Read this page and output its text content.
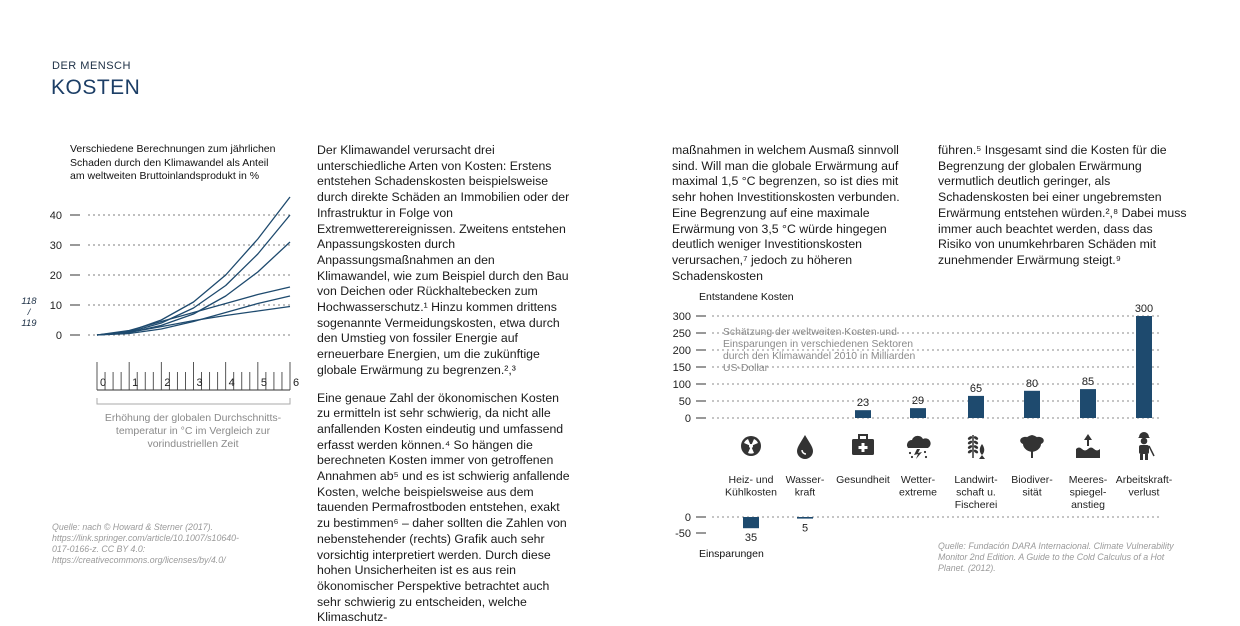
DER MENSCH
KOSTEN
118
/
119
Verschiedene Berechnungen zum jährlichen Schaden durch den Klimawandel als Anteil am weltweiten Bruttoinlandsprodukt in %
0
10
20
30
40
0 1 2 3 4 5 6
Erhöhung der globalen Durchschnitts-temperatur in °C im Vergleich zur vorindustriellen Zeit
Quelle: nach © Howard & Sterner (2017). https://link.springer.com/article/10.1007/s10640-017-0166-z. CC BY 4.0: https://creativecommons.org/licenses/by/4.0/

Der Klimawandel verursacht drei unterschiedliche Arten von Kosten: Erstens entstehen Schadenskosten beispielsweise durch direkte Schäden an Immobilien oder der Infrastruktur in Folge von Extremwetterereignissen. Zweitens entstehen Anpassungskosten durch Anpassungsmaßnahmen an den Klimawandel, wie zum Beispiel durch den Bau von Deichen oder Rückhaltebecken zum Hochwasserschutz.¹ Hinzu kommen drittens sogenannte Vermeidungskosten, etwa durch den Umstieg von fossiler Energie auf erneuerbare Energien, um die zukünftige globale Erwärmung zu begrenzen.²,³

Eine genaue Zahl der ökonomischen Kosten zu ermitteln ist sehr schwierig, da nicht alle anfallenden Kosten eindeutig und umfassend erfasst werden können.⁴ So hängen die berechneten Kosten immer von getroffenen Annahmen ab⁵ und es ist schwierig anfallende Kosten, welche beispielsweise aus dem tauenden Permafrostboden entstehen, exakt zu bestimmen⁶ – daher sollten die Zahlen von nebenstehender (rechts) Grafik auch sehr vorsichtig interpretiert werden. Durch diese hohen Unsicherheiten ist es aus rein ökonomischer Perspektive betrachtet auch sehr schwierig zu entscheiden, welche Klimaschutz-

maßnahmen in welchem Ausmaß sinnvoll sind. Will man die globale Erwärmung auf maximal 1,5 °C begrenzen, so ist dies mit sehr hohen Investitionskosten verbunden. Eine Begrenzung auf eine maximale Erwärmung von 3,5 °C würde hingegen deutlich weniger Investitionskosten verursachen,⁷ jedoch zu höheren Schadenskosten

führen.⁵ Insgesamt sind die Kosten für die Begrenzung der globalen Erwärmung vermutlich deutlich geringer, als Schadenskosten bei einer ungebremsten Erwärmung entstehen würden.²,⁸ Dabei muss immer auch beachtet werden, dass das Risiko von unumkehrbaren Schäden mit zunehmender Erwärmung steigt.⁹

Entstandene Kosten
Schätzung der weltweiten Kosten und Einsparungen in verschiedenen Sektoren durch den Klimawandel 2010 in Milliarden US-Dollar
Einsparungen
Quelle: Fundación DARA Internacional. Climate Vulnerability Monitor 2nd Edition. A Guide to the Cold Calculus of a Hot Planet. (2012).
0
50
100
150
200
250
300
0
-50
23	29
65	80	85
300
35
5
Heiz- und
Kühlkosten
Wasser-
kraft
Gesundheit Wetter-
extreme
Landwirt-
schaft u.
Fischerei
Biodiver-
sität
Meeres-
spiegel-
anstieg
Arbeitskraft-
verlust
